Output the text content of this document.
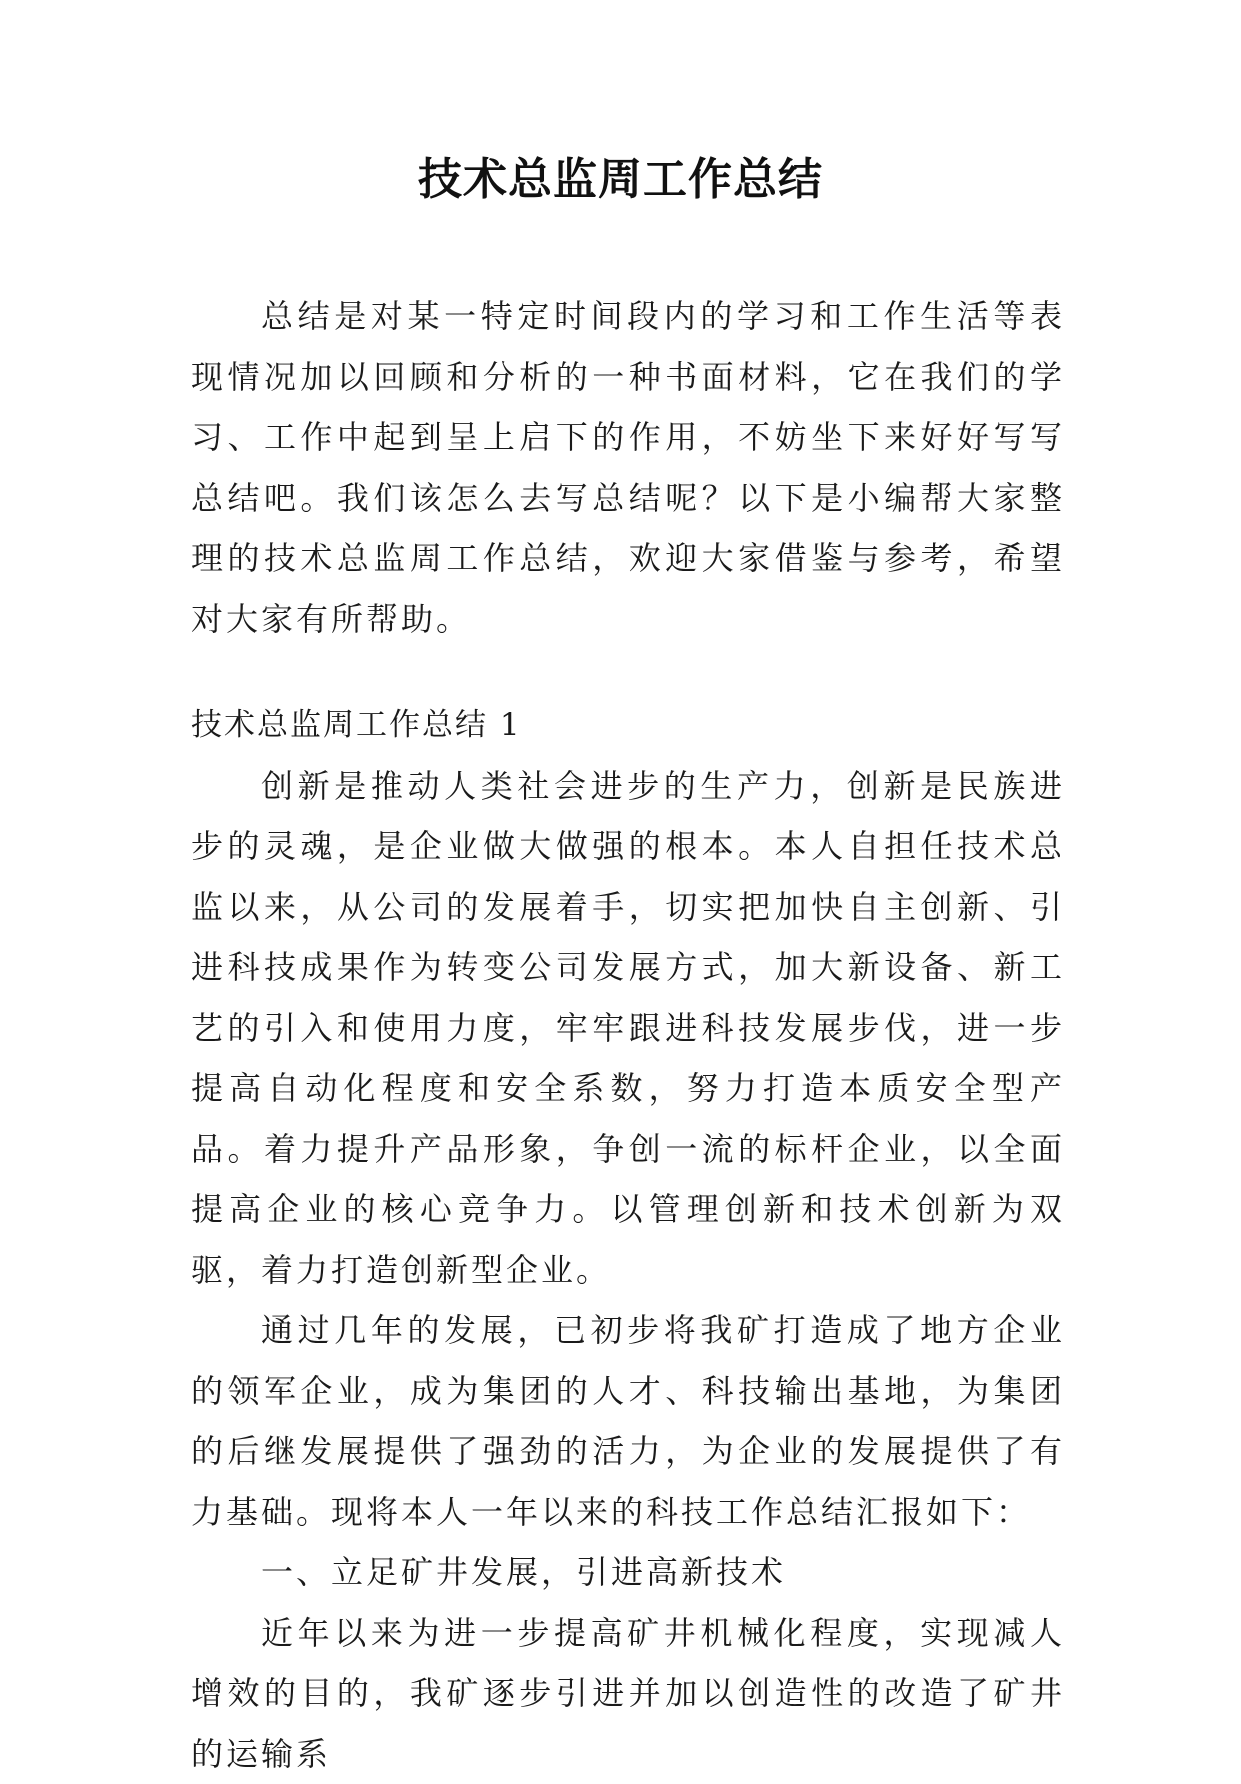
技术总监周工作总结

总结是对某一特定时间段内的学习和工作生活等表现情况加以回顾和分析的一种书面材料，它在我们的学习、工作中起到呈上启下的作用，不妨坐下来好好写写总结吧。我们该怎么去写总结呢？以下是小编帮大家整理的技术总监周工作总结，欢迎大家借鉴与参考，希望对大家有所帮助。

技术总监周工作总结 1

创新是推动人类社会进步的生产力，创新是民族进步的灵魂，是企业做大做强的根本。本人自担任技术总监以来，从公司的发展着手，切实把加快自主创新、引进科技成果作为转变公司发展方式，加大新设备、新工艺的引入和使用力度，牢牢跟进科技发展步伐，进一步提高自动化程度和安全系数，努力打造本质安全型产品。着力提升产品形象，争创一流的标杆企业，以全面提高企业的核心竞争力。以管理创新和技术创新为双驱，着力打造创新型企业。

通过几年的发展，已初步将我矿打造成了地方企业的领军企业，成为集团的人才、科技输出基地，为集团的后继发展提供了强劲的活力，为企业的发展提供了有力基础。现将本人一年以来的科技工作总结汇报如下：

一、立足矿井发展，引进高新技术

近年以来为进一步提高矿井机械化程度，实现减人增效的目的，我矿逐步引进并加以创造性的改造了矿井的运输系
